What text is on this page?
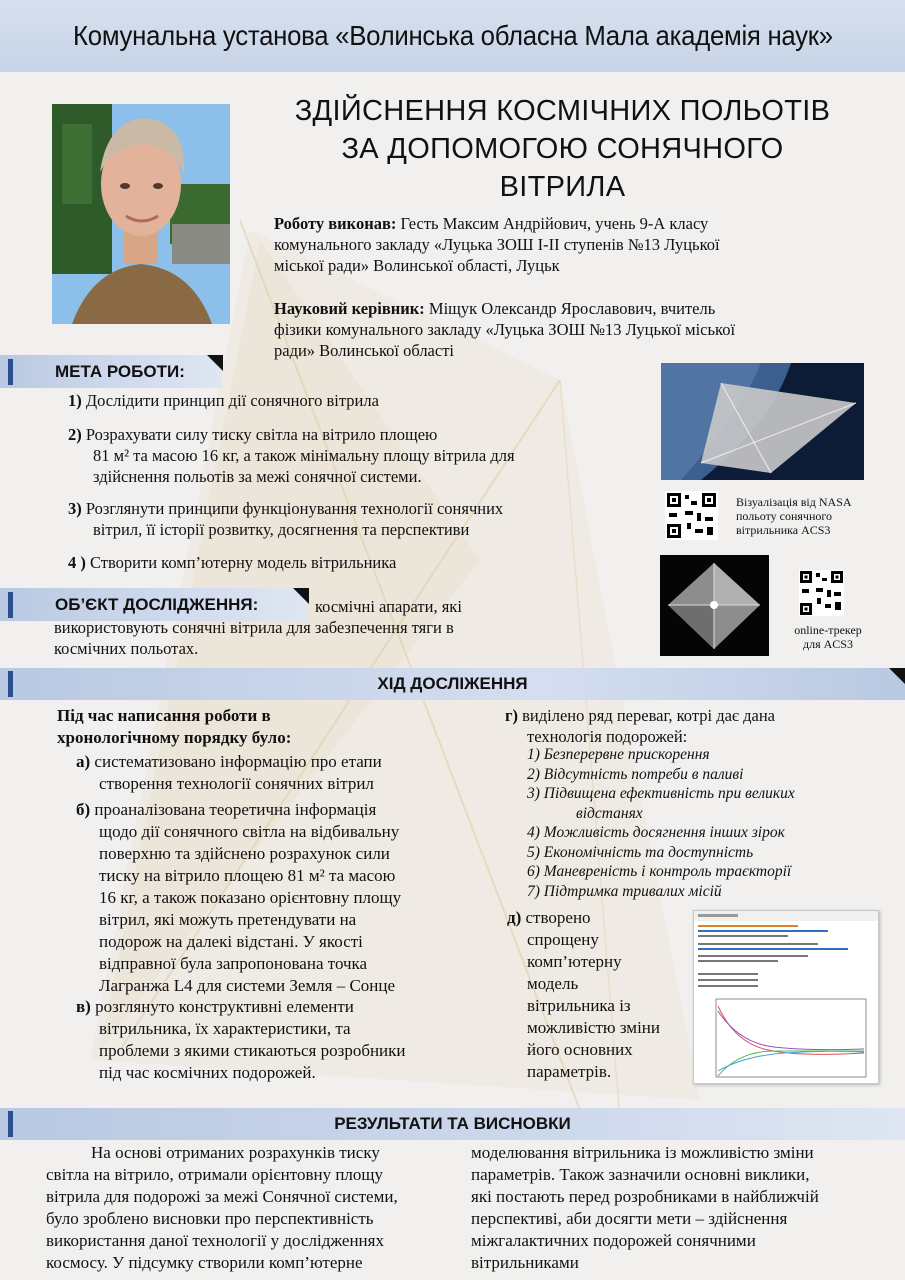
Комунальна установа «Волинська обласна Мала академія наук»
ЗДІЙСНЕННЯ КОСМІЧНИХ ПОЛЬОТІВ
ЗА ДОПОМОГОЮ СОНЯЧНОГО
ВІТРИЛА
Роботу виконав: Гесть Максим Андрійович, учень 9-А класу
комунального закладу «Луцька ЗОШ І-ІІ ступенів №13 Луцької
міської ради» Волинської області, Луцьк
Науковий керівник: Міщук Олександр Ярославович, вчитель
фізики комунального закладу «Луцька ЗОШ №13 Луцької міської
ради» Волинської області
МЕТА РОБОТИ:
1) Дослідити принцип дії сонячного вітрила
2) Розрахувати силу тиску світла на вітрило площею
81 м² та масою 16 кг, а також мінімальну площу вітрила для
здійснення польотів за межі сонячної системи.
3) Розглянути принципи функціонування технології сонячних
вітрил, її історії розвитку, досягнення та перспективи
4 ) Створити комп’ютерну модель вітрильника
Візуалізація від NASA
польоту сонячного
вітрильника ACS3
online-трекер
для ACS3
ОБ’ЄКТ ДОСЛІДЖЕННЯ:	космічні апарати, які
використовують сонячні вітрила для забезпечення тяги в
космічних польотах.
ХІД ДОСЛІЖЕННЯ
Під час написання роботи в
хронологічному порядку було:
а) систематизовано інформацію про етапи
створення технології сонячних вітрил
б) проаналізована теоретична інформація
щодо дії сонячного світла на відбивальну
поверхню та здійснено розрахунок сили
тиску на вітрило площею 81 м² та масою
16 кг, а також показано орієнтовну площу
вітрил, які можуть претендувати на
подорож на далекі відстані. У якості
відправної була запропонована точка
Лагранжа L4 для системи Земля – Сонце
в) розглянуто конструктивні елементи
вітрильника, їх характеристики, та
проблеми з якими стикаються розробники
під час космічних подорожей.
г) виділено ряд переваг, котрі дає дана
технологія подорожей:
1) Безперервне прискорення
2) Відсутність потреби в паливі
3) Підвищена ефективність при великих
відстанях
4) Можливість досягнення інших зірок
5) Економічність та доступність
6) Маневреність і контроль траєкторії
7) Підтримка тривалих місій
д) створено
спрощену
комп’ютерну
модель
вітрильника із
можливістю зміни
його основних
параметрів.
РЕЗУЛЬТАТИ ТА ВИСНОВКИ
На основі отриманих розрахунків тиску
світла на вітрило, отримали орієнтовну площу
вітрила для подорожі за межі Сонячної системи,
було зроблено висновки про перспективність
використання даної технології у дослідженнях
космосу. У підсумку створили комп’ютерне
моделювання вітрильника із можливістю зміни
параметрів. Також зазначили основні виклики,
які постають перед розробниками в найближчій
перспективі, аби досягти мети – здійснення
міжгалактичних подорожей сонячними
вітрильниками
